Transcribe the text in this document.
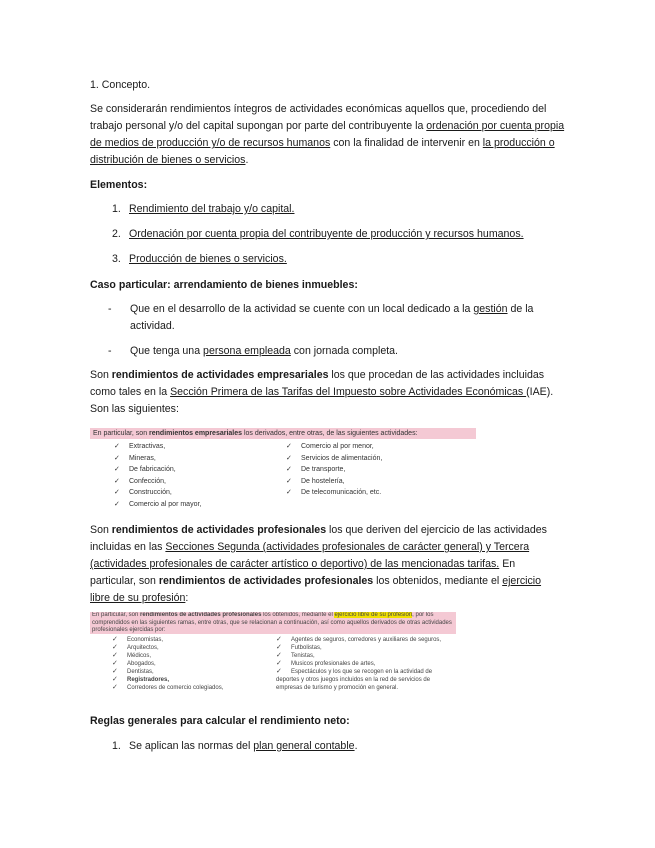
1. Concepto.

Se considerarán rendimientos íntegros de actividades económicas aquellos que, procediendo del trabajo personal y/o del capital supongan por parte del contribuyente la ordenación por cuenta propia de medios de producción y/o de recursos humanos con la finalidad de intervenir en la producción o distribución de bienes o servicios.

Elementos:

1. Rendimiento del trabajo y/o capital.
2. Ordenación por cuenta propia del contribuyente de producción y recursos humanos.
3. Producción de bienes o servicios.

Caso particular: arrendamiento de bienes inmuebles:

- Que en el desarrollo de la actividad se cuente con un local dedicado a la gestión de la actividad.
- Que tenga una persona empleada con jornada completa.

Son rendimientos de actividades empresariales los que procedan de las actividades incluidas como tales en la Sección Primera de las Tarifas del Impuesto sobre Actividades Económicas (IAE). Son las siguientes:

En particular, son rendimientos empresariales los derivados, entre otras, de las siguientes actividades:
✓ Extractivas,
✓ Mineras,
✓ De fabricación,
✓ Confección,
✓ Construcción,
✓ Comercio al por mayor,
✓ Comercio al por menor,
✓ Servicios de alimentación,
✓ De transporte,
✓ De hostelería,
✓ De telecomunicación, etc.

Son rendimientos de actividades profesionales los que deriven del ejercicio de las actividades incluidas en las Secciones Segunda (actividades profesionales de carácter general) y Tercera (actividades profesionales de carácter artístico o deportivo) de las mencionadas tarifas. En particular, son rendimientos de actividades profesionales los obtenidos, mediante el ejercicio libre de su profesión:

En particular, son rendimientos de actividades profesionales los obtenidos, mediante el ejercicio libre de su profesión, por los comprendidos en las siguientes ramas, entre otras, que se relacionan a continuación, así como aquellos derivados de otras actividades profesionales ejercidas por:
✓ Economistas,
✓ Arquitectos,
✓ Médicos,
✓ Abogados,
✓ Dentistas,
✓ Registradores,
✓ Corredores de comercio colegiados,
✓ Agentes de seguros, corredores y auxiliares de seguros,
✓ Futbolistas,
✓ Tenistas,
✓ Musicos profesionales de artes,
✓ Espectáculos y los que se recogen en la actividad de deportes y otros juegos incluidos en la red de servicios de empresas de turismo y promoción en general.

Reglas generales para calcular el rendimiento neto:

1. Se aplican las normas del plan general contable.
